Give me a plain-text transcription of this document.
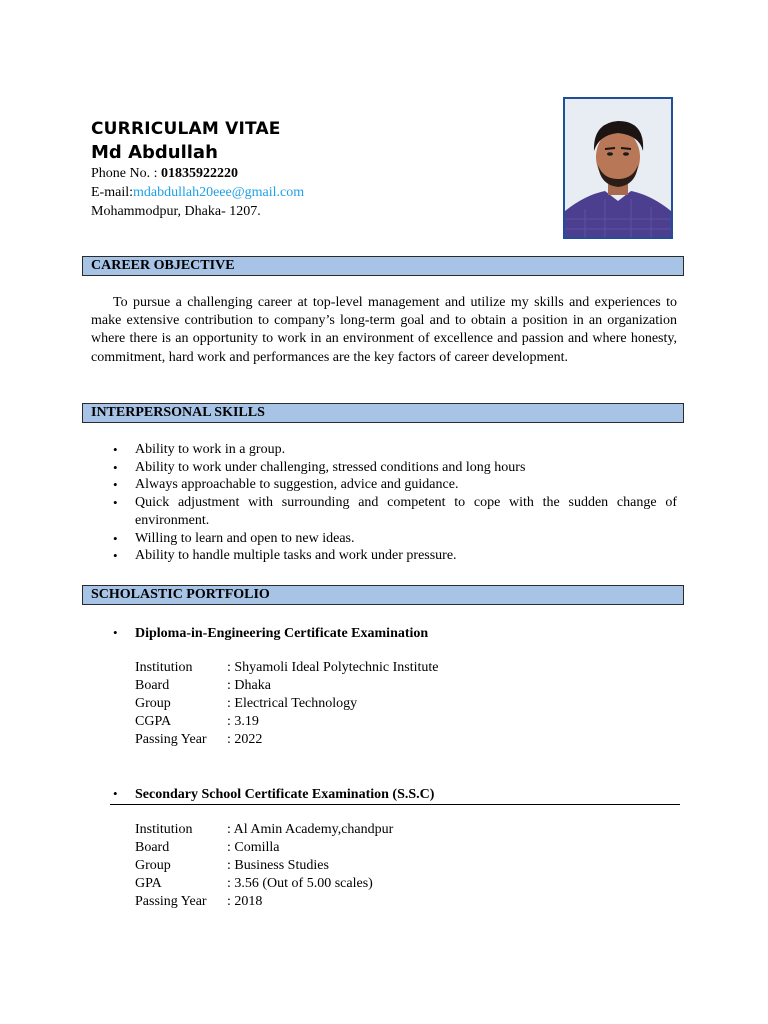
CURRICULAM VITAE
Md Abdullah
Phone No. : 01835922220
E-mail:mdabdullah20eee@gmail.com
Mohammodpur, Dhaka- 1207.
CAREER OBJECTIVE
To pursue a challenging career at top-level management and utilize my skills and experiences to make extensive contribution to company’s long-term goal and to obtain a position in an organization where there is an opportunity to work in an environment of excellence and passion and where honesty, commitment, hard work and performances are the key factors of career development.
INTERPERSONAL SKILLS
• Ability to work in a group.
• Ability to work under challenging, stressed conditions and long hours
• Always approachable to suggestion, advice and guidance.
• Quick adjustment with surrounding and competent to cope with the sudden change of environment.
• Willing to learn and open to new ideas.
• Ability to handle multiple tasks and work under pressure.
SCHOLASTIC PORTFOLIO
• Diploma-in-Engineering Certificate Examination
Institution	: Shyamoli Ideal Polytechnic Institute
Board	: Dhaka
Group	: Electrical Technology
CGPA	: 3.19
Passing Year	: 2022
• Secondary School Certificate Examination (S.S.C)
Institution	: Al Amin Academy,chandpur
Board	: Comilla
Group	: Business Studies
GPA	: 3.56 (Out of 5.00 scales)
Passing Year	: 2018
